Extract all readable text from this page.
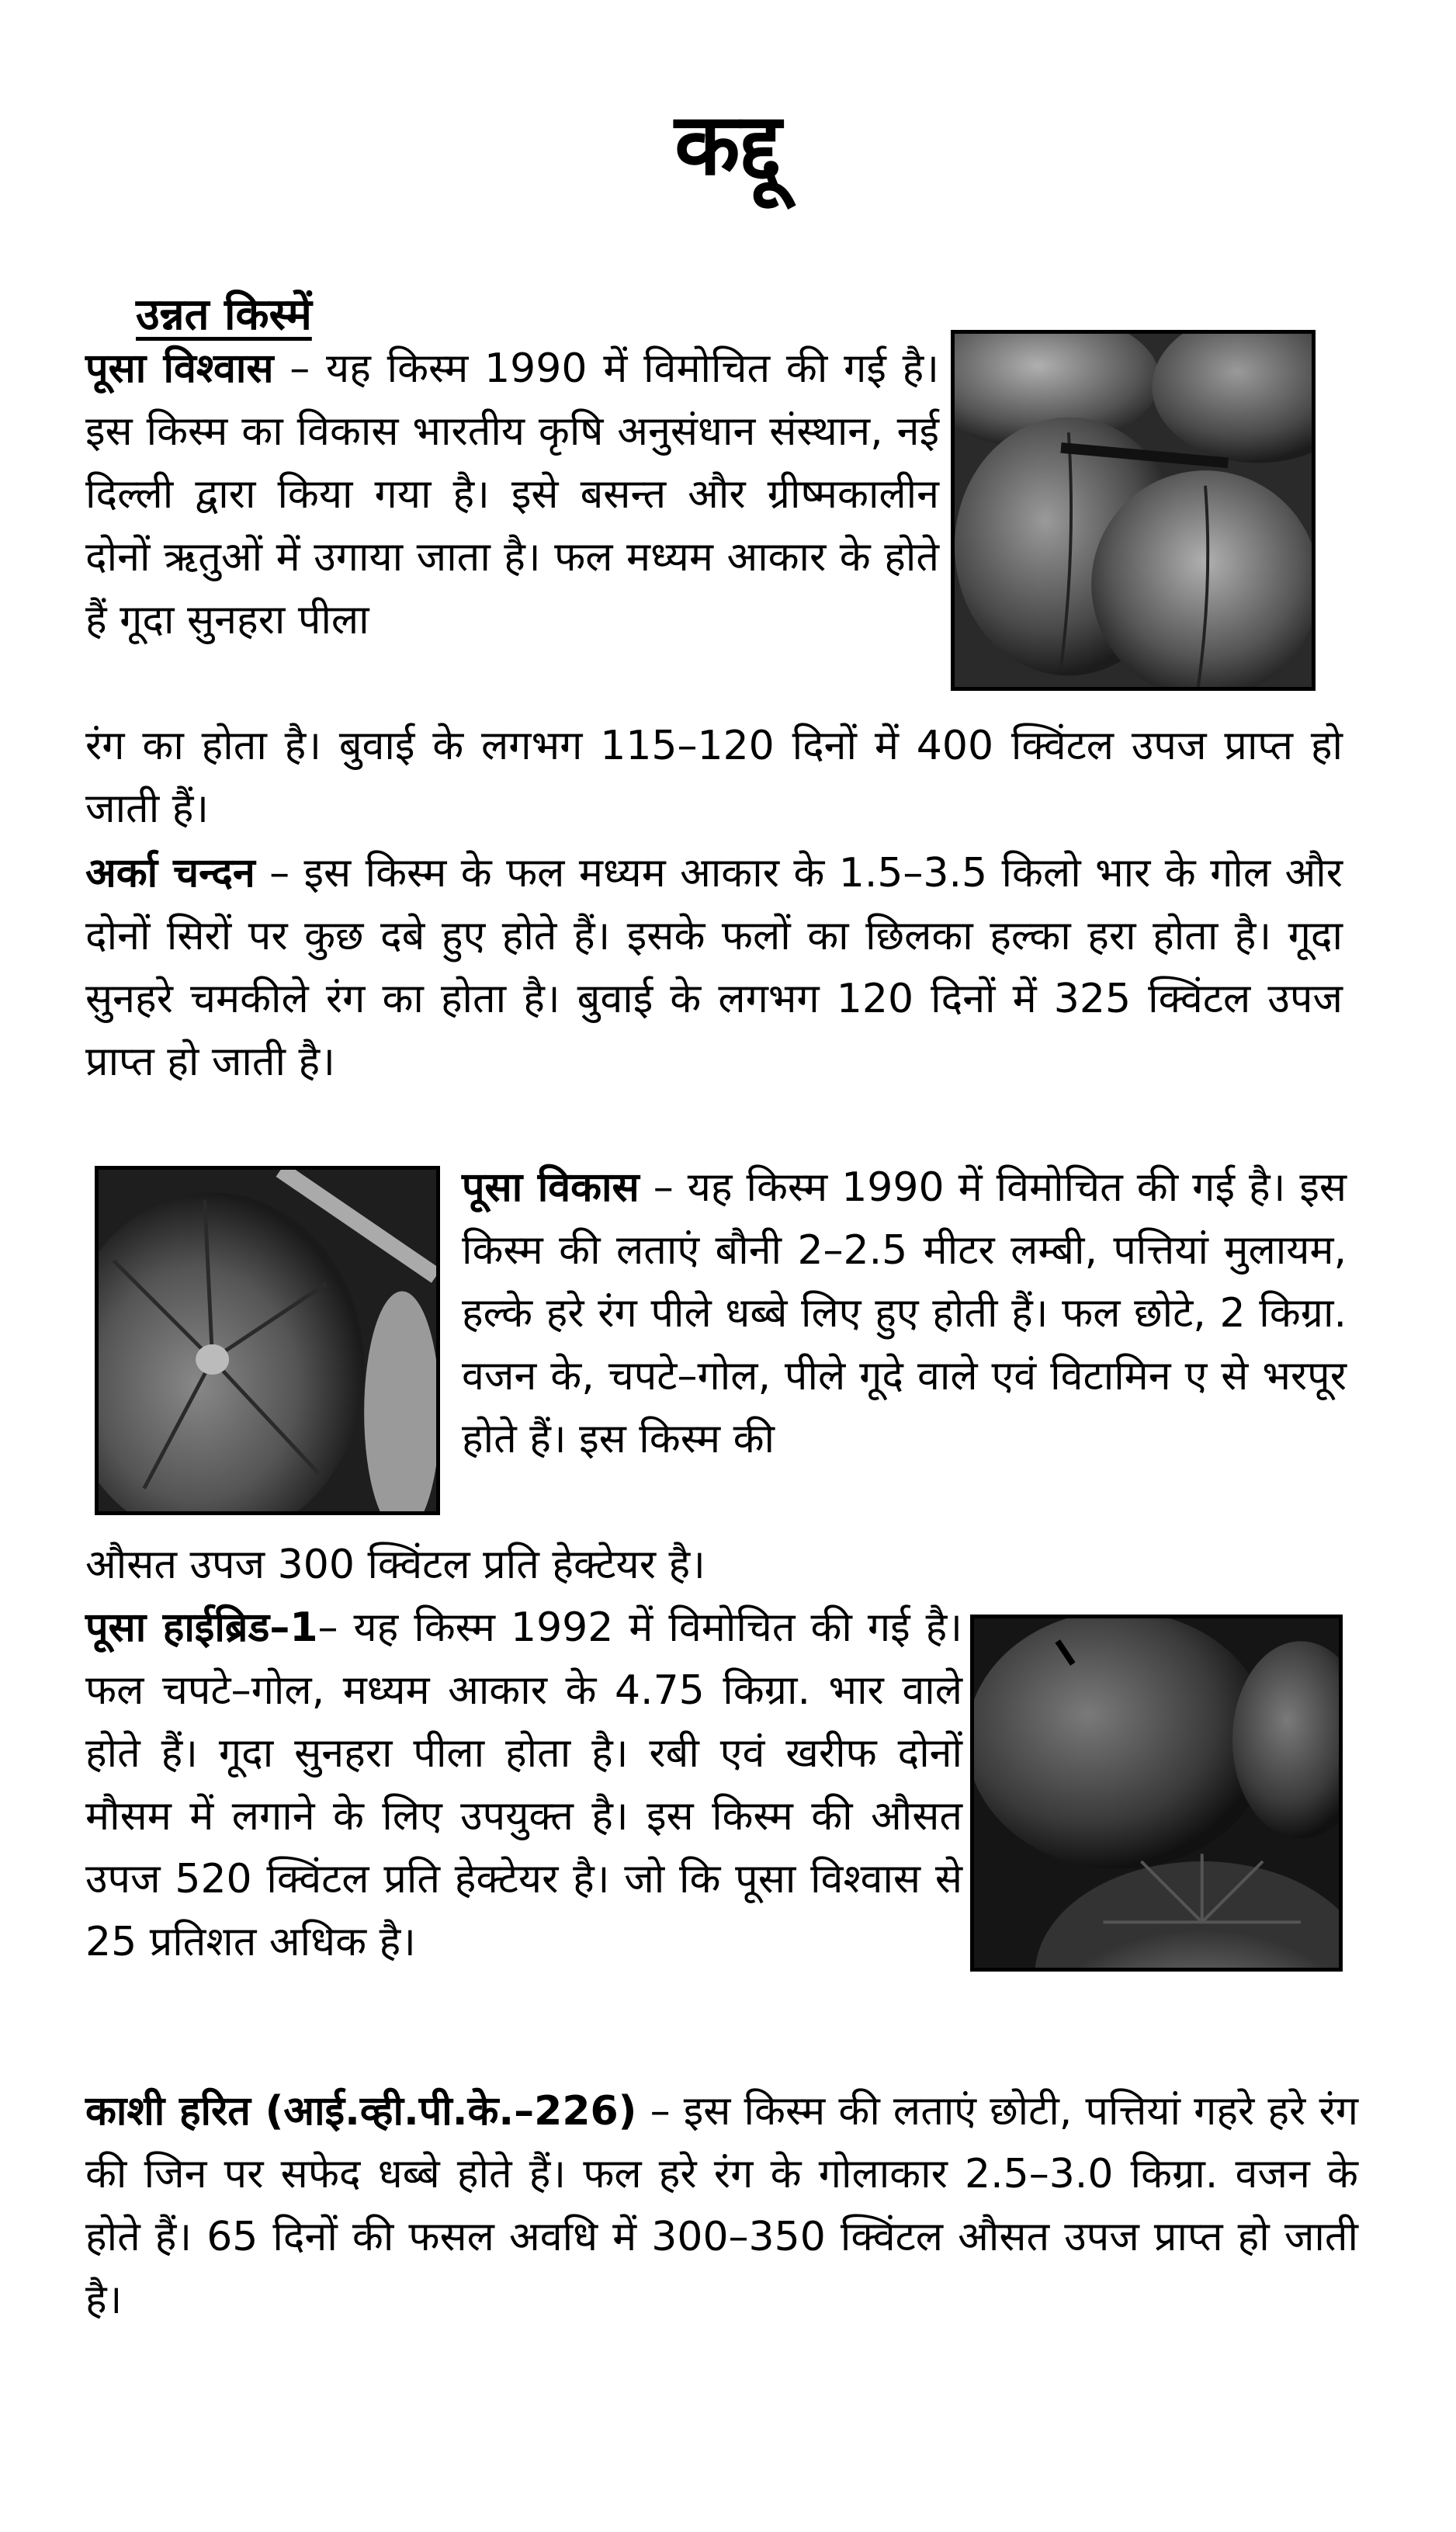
कद्दू
उन्नत किस्में

पूसा विश्वास – यह किस्म 1990 में विमोचित की गई है। इस किस्म का विकास भारतीय कृषि अनुसंधान संस्थान, नई दिल्ली द्वारा किया गया है। इसे बसन्त और ग्रीष्मकालीन दोनों ऋतुओं में उगाया जाता है। फल मध्यम आकार के होते हैं गूदा सुनहरा पीला

रंग का होता है। बुवाई के लगभग 115–120 दिनों में 400 क्विंटल उपज प्राप्त हो जाती हैं।

अर्का चन्दन – इस किस्म के फल मध्यम आकार के 1.5–3.5 किलो भार के गोल और दोनों सिरों पर कुछ दबे हुए होते हैं। इसके फलों का छिलका हल्का हरा होता है। गूदा सुनहरे चमकीले रंग का होता है। बुवाई के लगभग 120 दिनों में 325 क्विंटल उपज प्राप्त हो जाती है।

पूसा विकास – यह किस्म 1990 में विमोचित की गई है। इस किस्म की लताएं बौनी 2–2.5 मीटर लम्बी, पत्तियां मुलायम, हल्के हरे रंग पीले धब्बे लिए हुए होती हैं। फल छोटे, 2 किग्रा. वजन के, चपटे–गोल, पीले गूदे वाले एवं विटामिन ए से भरपूर होते हैं। इस किस्म की

औसत उपज 300 क्विंटल प्रति हेक्टेयर है।

पूसा हाईब्रिड–1– यह किस्म 1992 में विमोचित की गई है। फल चपटे–गोल, मध्यम आकार के 4.75 किग्रा. भार वाले होते हैं। गूदा सुनहरा पीला होता है। रबी एवं खरीफ दोनों मौसम में लगाने के लिए उपयुक्त है। इस किस्म की औसत उपज 520 क्विंटल प्रति हेक्टेयर है। जो कि पूसा विश्वास से 25 प्रतिशत अधिक है।

काशी हरित (आई.व्ही.पी.के.–226) – इस किस्म की लताएं छोटी, पत्तियां गहरे हरे रंग की जिन पर सफेद धब्बे होते हैं। फल हरे रंग के गोलाकार 2.5–3.0 किग्रा. वजन के होते हैं। 65 दिनों की फसल अवधि में 300–350 क्विंटल औसत उपज प्राप्त हो जाती है।
